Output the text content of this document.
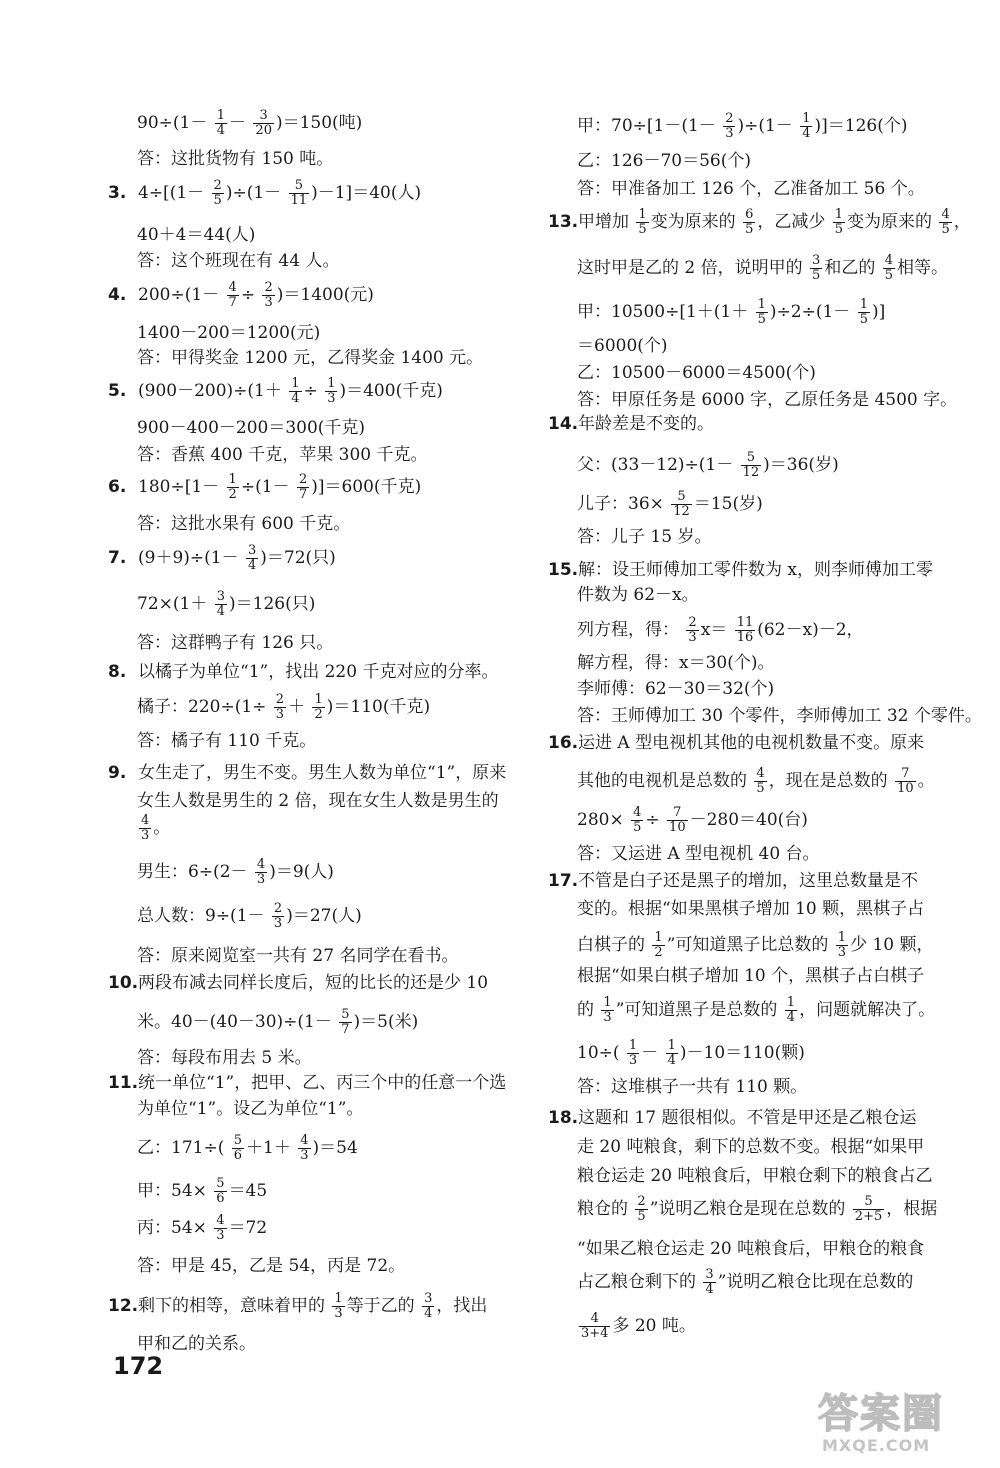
$90\div(1- \frac{1}{4} - \frac{3}{20} )=150$(吨)
答：这批货物有 150 吨。
3. $4\div[(1- \frac{2}{5} )\div(1- \frac{5}{11} )-1]=40$(人)
40＋4＝44(人)
答：这个班现在有 44 人。
4. $200\div(1- \frac{4}{7} \div \frac{2}{3} )=1400$(元)
1400－200＝1200(元)
答：甲得奖金 1200 元，乙得奖金 1400 元。
5. $(900-200)\div(1+ \frac{1}{4} \div \frac{1}{3} )=400$(千克)
900－400－200＝300(千克)
答：香蕉 400 千克，苹果 300 千克。
6. $180\div[1- \frac{1}{2} \div(1- \frac{2}{7} )]=600$(千克)
答：这批水果有 600 千克。
7. $(9+9)\div(1- \frac{3}{4} )=72$(只)
$72\times(1+ \frac{3}{4} )=126$(只)
答：这群鸭子有 126 只。
8. 以橘子为单位“1”，找出 220 千克对应的分率。
橘子：$220\div(1\div \frac{2}{3} + \frac{1}{2} )=110$(千克)
答：橘子有 110 千克。
9. 女生走了，男生不变。男生人数为单位“1”，原来
女生人数是男生的 2 倍，现在女生人数是男生的
$\frac{4}{3}$ 。
男生：$6\div(2- \frac{4}{3} )=9$(人)
总人数：$9\div(1- \frac{2}{3} )=27$(人)
答：原来阅览室一共有 27 名同学在看书。
10.两段布减去同样长度后，短的比长的还是少 10
米。$40-(40-30)\div(1- \frac{5}{7} )=5$(米)
答：每段布用去 5 米。
11.统一单位“1”，把甲、乙、丙三个中的任意一个选
为单位“1”。设乙为单位“1”。
乙：$171\div( \frac{5}{6} +1+ \frac{4}{3} )=54$
甲：$54\times \frac{5}{6} =45$
丙：$54\times \frac{4}{3} =72$
答：甲是 45，乙是 54，丙是 72。
12.剩下的相等，意味着甲的 $\frac{1}{3}$ 等于乙的 $\frac{3}{4}$ ，找出
甲和乙的关系。
甲：$70\div[1-(1- \frac{2}{3} )\div(1- \frac{1}{4} )]=126$(个)
乙：126－70＝56(个)
答：甲准备加工 126 个，乙准备加工 56 个。
13.甲增加 $\frac{1}{5}$ 变为原来的 $\frac{6}{5}$ ，乙减少 $\frac{1}{5}$ 变为原来的 $\frac{4}{5}$ ，
这时甲是乙的 2 倍，说明甲的 $\frac{3}{5}$ 和乙的 $\frac{4}{5}$ 相等。
甲：$10500\div[1+(1+ \frac{1}{5} )\div 2\div(1- \frac{1}{5}$ )]
＝6000(个)
乙：10500－6000＝4500(个)
答：甲原任务是 6000 字，乙原任务是 4500 字。
14.年龄差是不变的。
父：$(33-12)\div(1- \frac{5}{12} )=36$(岁)
儿子：$36\times \frac{5}{12} =15$(岁)
答：儿子 15 岁。
15.解：设王师傅加工零件数为 x，则李师傅加工零
件数为 62－x。
列方程，得： $\frac{2}{3} x= \frac{11}{16} (62-x)-2$，
解方程，得：x＝30(个)。
李师傅：62－30＝32(个)
答：王师傅加工 30 个零件，李师傅加工 32 个零件。
16.运进 A 型电视机其他的电视机数量不变。原来
其他的电视机是总数的 $\frac{4}{5}$ ，现在是总数的 $\frac{7}{10}$ 。
$280\times \frac{4}{5} \div \frac{7}{10} -280=40$(台)
答：又运进 A 型电视机 40 台。
17.不管是白子还是黑子的增加，这里总数量是不
变的。根据“如果黑棋子增加 10 颗，黑棋子占
白棋子的 $\frac{1}{2}$ ”可知道黑子比总数的 $\frac{1}{3}$ 少 10 颗，
根据“如果白棋子增加 10 个，黑棋子占白棋子
的 $\frac{1}{3}$ ”可知道黑子是总数的 $\frac{1}{4}$ ，问题就解决了。
$10\div( \frac{1}{3} - \frac{1}{4} )-10=110$(颗)
答：这堆棋子一共有 110 颗。
18.这题和 17 题很相似。不管是甲还是乙粮仓运
走 20 吨粮食，剩下的总数不变。根据“如果甲
粮仓运走 20 吨粮食后，甲粮仓剩下的粮食占乙
粮仓的 $\frac{2}{5}$ ”说明乙粮仓是现在总数的 $\frac{5}{2+5}$ ，根据
“如果乙粮仓运走 20 吨粮食后，甲粮仓的粮食
占乙粮仓剩下的 $\frac{3}{4}$ ”说明乙粮仓比现在总数的
$\frac{4}{3+4}$ 多 20 吨。
172
答案圈
MXQE.COM
